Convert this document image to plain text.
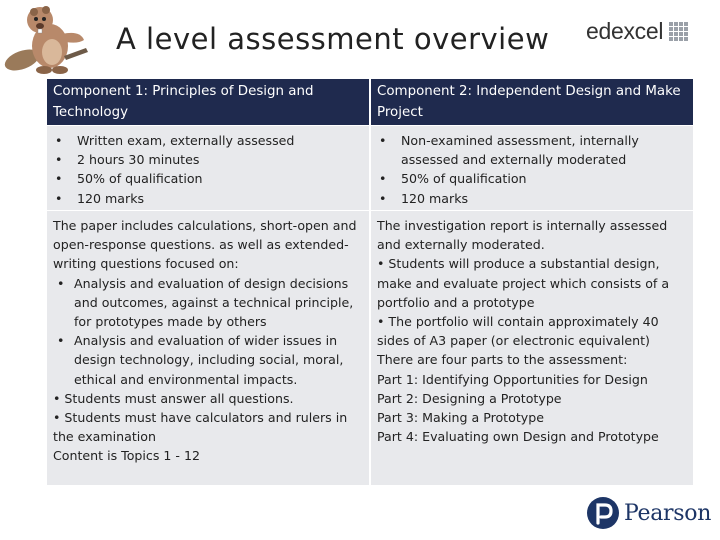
A level assessment overview edexcel
Component 1: Principles of Design and Technology
Component 2: Independent Design and Make Project
• Written exam, externally assessed
• 2 hours 30 minutes
• 50% of qualification
• 120 marks
• Non-examined assessment, internally assessed and externally moderated
• 50% of qualification
• 120 marks

The paper includes calculations, short-open and open-response questions. as well as extended-writing questions focused on:

• Analysis and evaluation of design decisions and outcomes, against a technical principle, for prototypes made by others
• Analysis and evaluation of wider issues in design technology, including social, moral, ethical and environmental impacts.

• Students must answer all questions.

• Students must have calculators and rulers in the examination

Content is Topics 1 - 12

The investigation report is internally assessed and externally moderated.

• Students will produce a substantial design, make and evaluate project which consists of a portfolio and a prototype

• The portfolio will contain approximately 40 sides of A3 paper (or electronic equivalent)

There are four parts to the assessment:

Part 1: Identifying Opportunities for Design

Part 2: Designing a Prototype

Part 3: Making a Prototype

Part 4: Evaluating own Design and Prototype

Pearson
